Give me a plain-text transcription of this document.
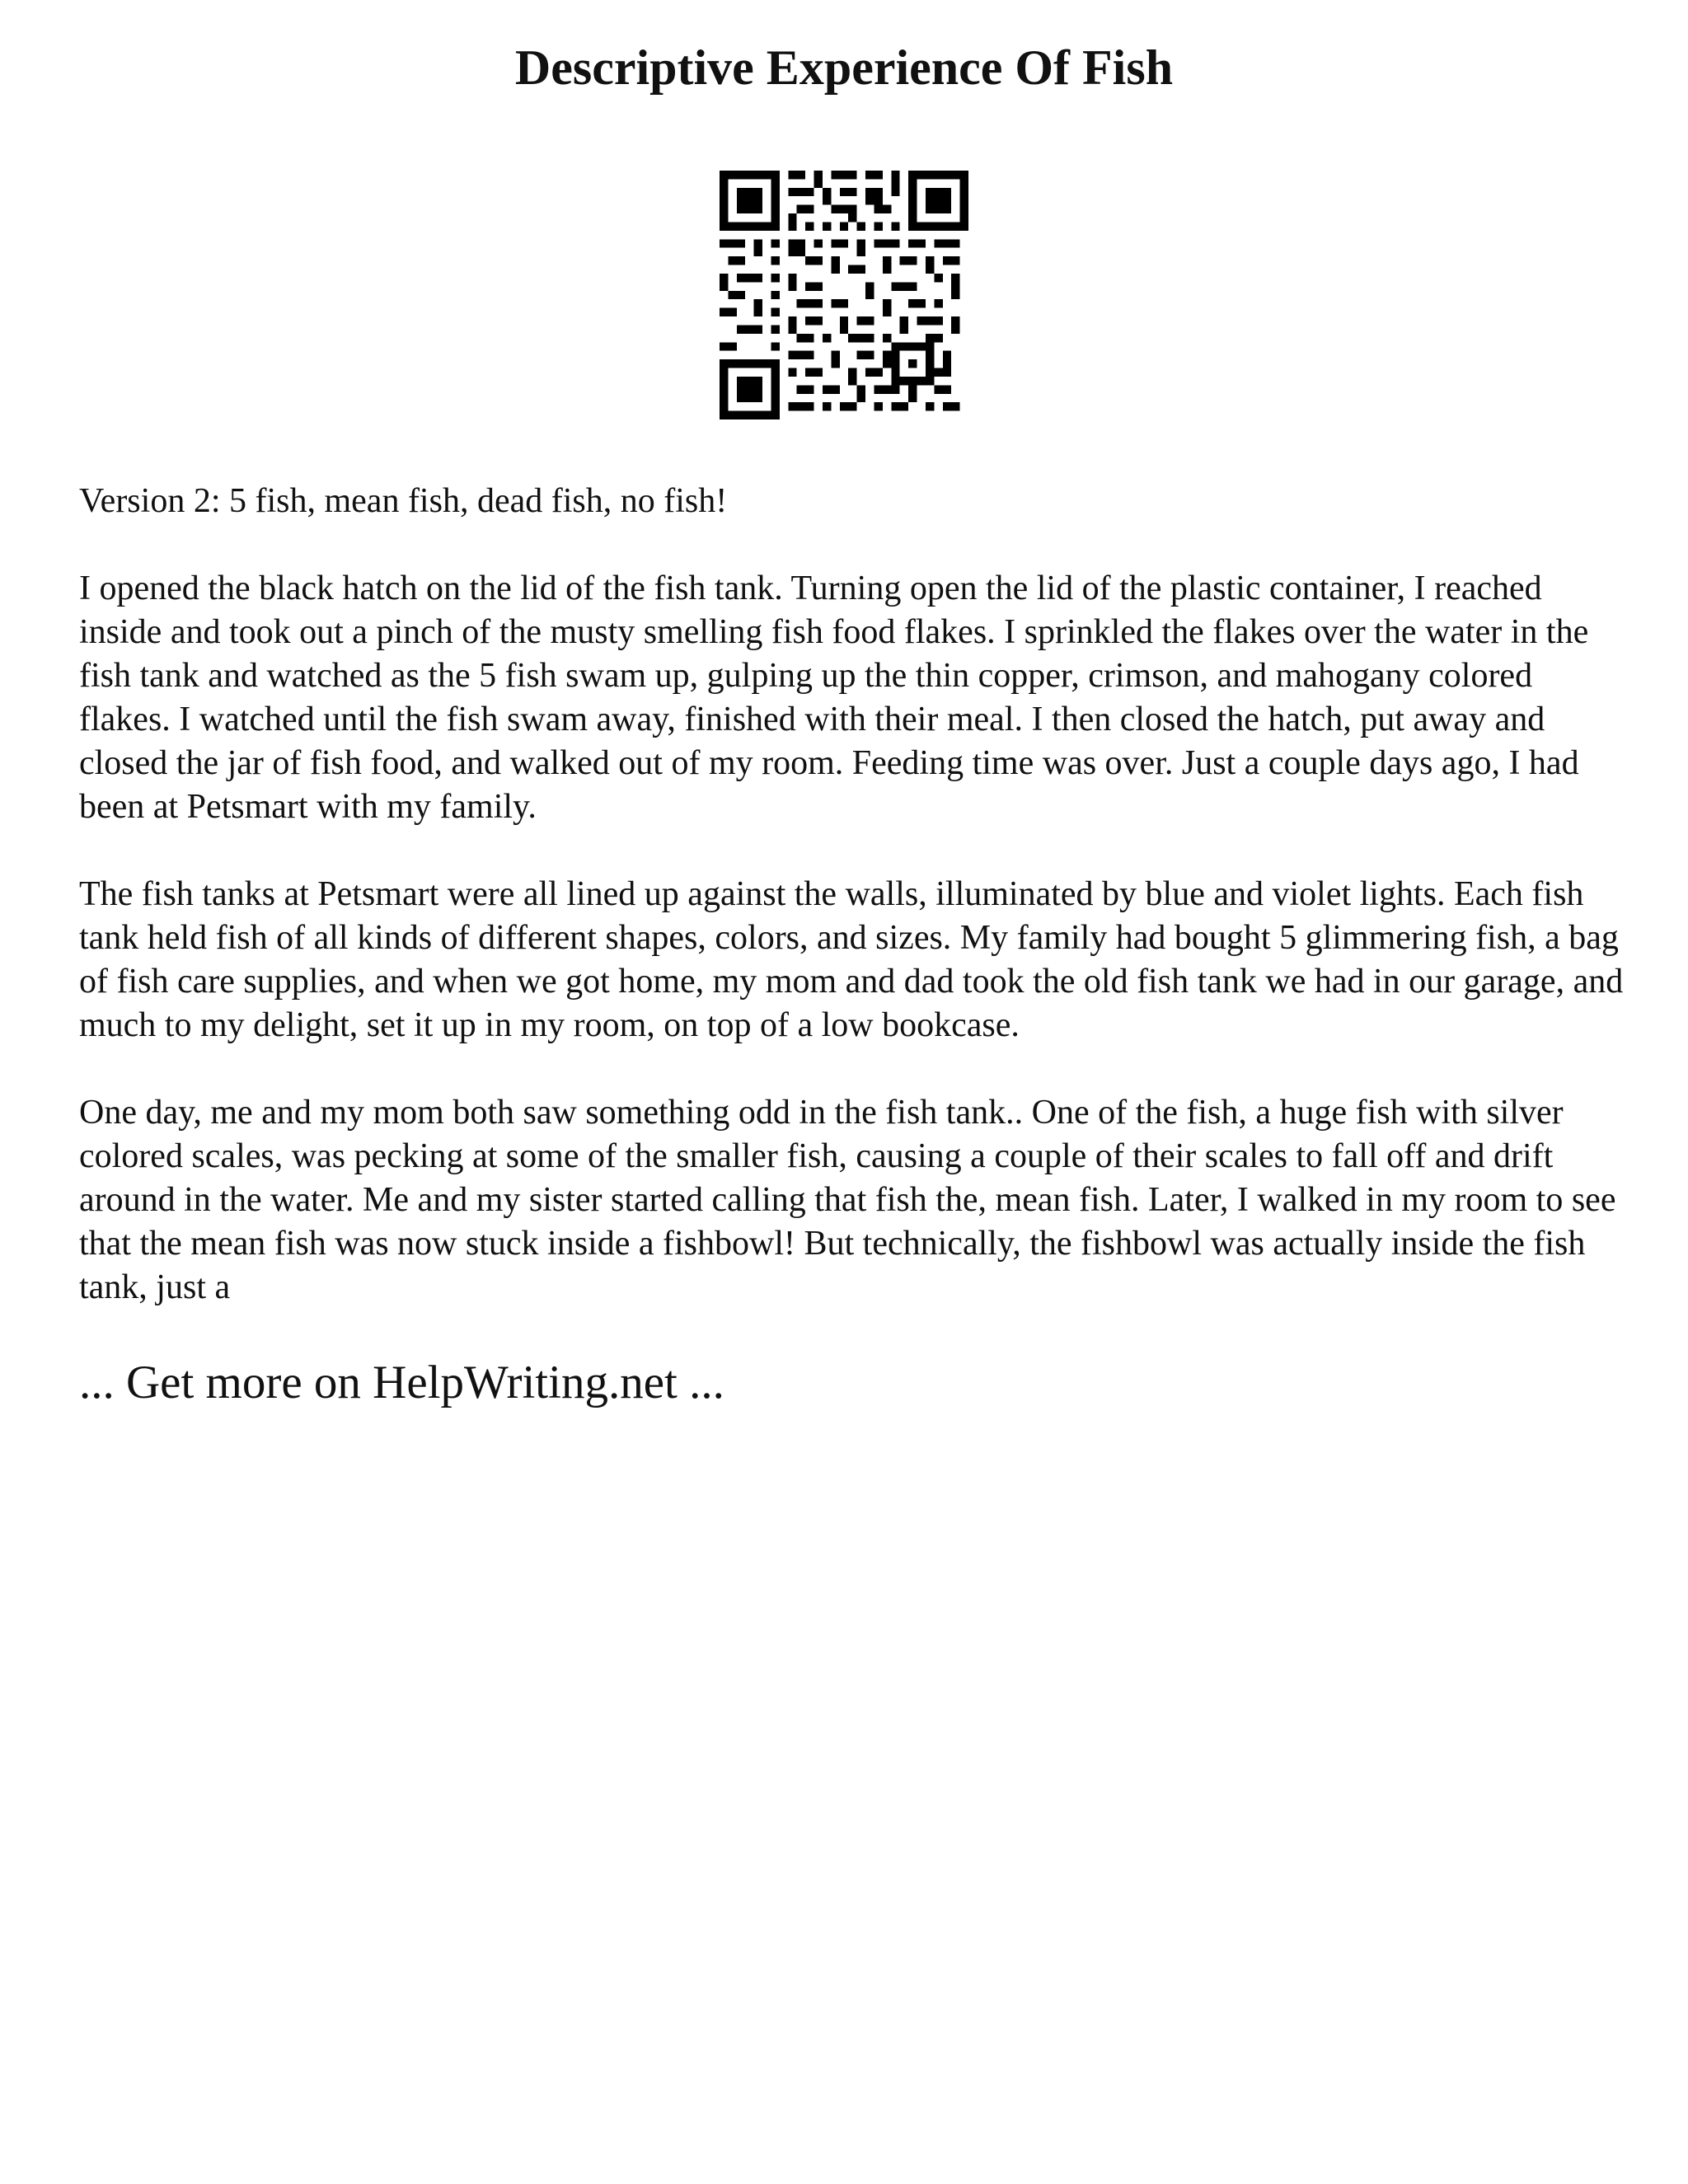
Descriptive Experience Of Fish

Version 2: 5 fish, mean fish, dead fish, no fish!

I opened the black hatch on the lid of the fish tank. Turning open the lid of the plastic container, I reached inside and took out a pinch of the musty smelling fish food flakes. I sprinkled the flakes over the water in the fish tank and watched as the 5 fish swam up, gulping up the thin copper, crimson, and mahogany colored flakes. I watched until the fish swam away, finished with their meal. I then closed the hatch, put away and closed the jar of fish food, and walked out of my room. Feeding time was over. Just a couple days ago, I had been at Petsmart with my family.

The fish tanks at Petsmart were all lined up against the walls, illuminated by blue and violet lights. Each fish tank held fish of all kinds of different shapes, colors, and sizes. My family had bought 5 glimmering fish, a bag of fish care supplies, and when we got home, my mom and dad took the old fish tank we had in our garage, and much to my delight, set it up in my room, on top of a low bookcase.

One day, me and my mom both saw something odd in the fish tank.. One of the fish, a huge fish with silver colored scales, was pecking at some of the smaller fish, causing a couple of their scales to fall off and drift around in the water. Me and my sister started calling that fish the, mean fish. Later, I walked in my room to see that the mean fish was now stuck inside a fishbowl! But technically, the fishbowl was actually inside the fish tank, just a

... Get more on HelpWriting.net ...
